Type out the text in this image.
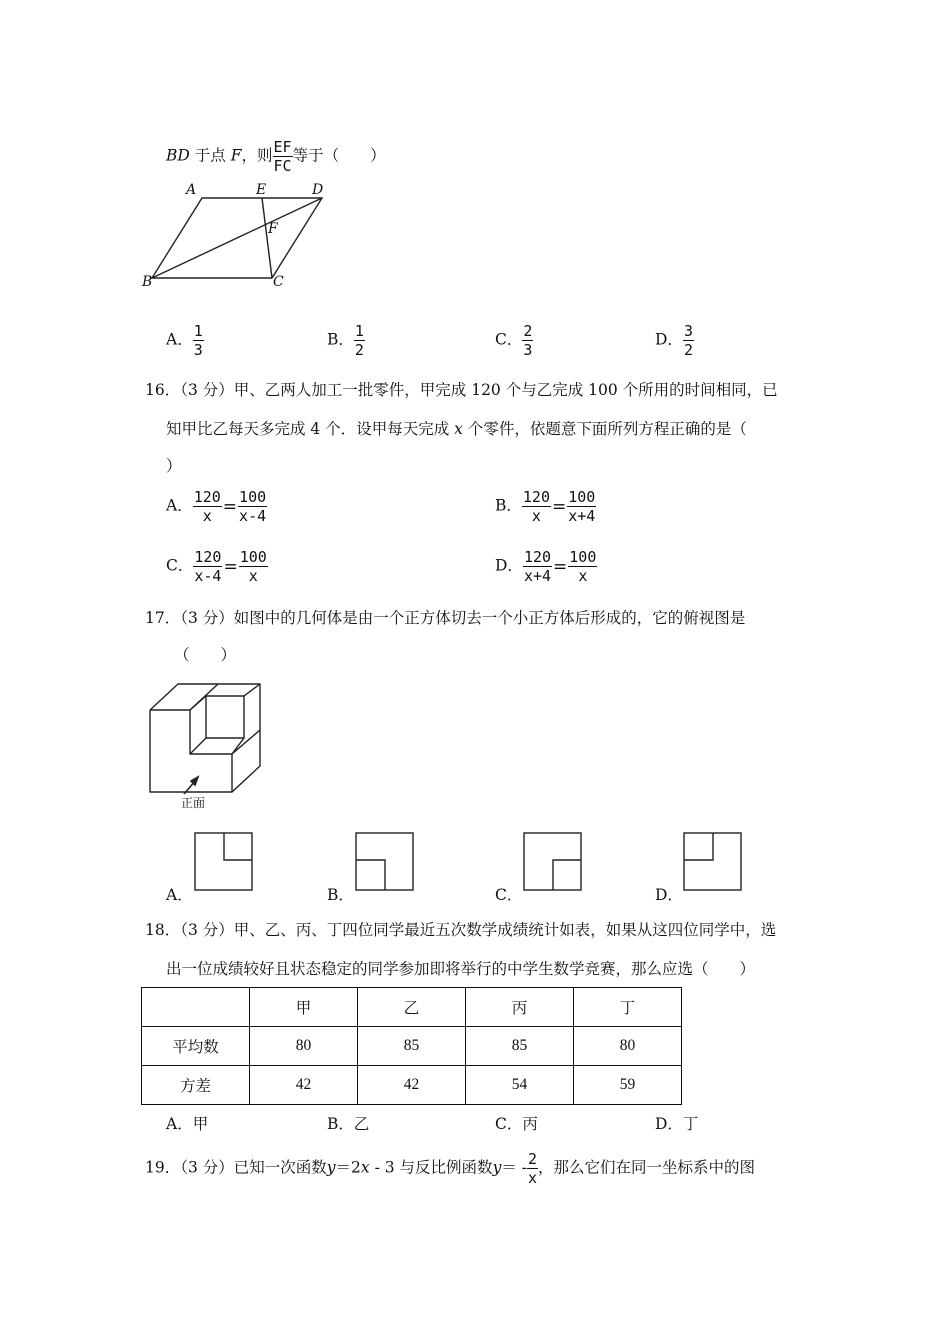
BD 于点 F，则 $\frac{EF}{FC}$ 等于（　　）
A	E	D
F
B	C
A． $\frac{1}{3}$	B． $\frac{1}{2}$	C． $\frac{2}{3}$	D． $\frac{3}{2}$
16．（3 分）甲、乙两人加工一批零件，甲完成 120 个与乙完成 100 个所用的时间相同，已
知甲比乙每天多完成 4 个．设甲每天完成 x 个零件，依题意下面所列方程正确的是（
）
A． $\frac{120}{x} = \frac{100}{x-4}$	B． $\frac{120}{x} = \frac{100}{x+4}$
C． $\frac{120}{x-4} = \frac{100}{x}$	D． $\frac{120}{x+4} = \frac{100}{x}$
17．（3 分）如图中的几何体是由一个正方体切去一个小正方体后形成的，它的俯视图是
（　　）
正面
A．	B．	C．	D．
18．（3 分）甲、乙、丙、丁四位同学最近五次数学成绩统计如表，如果从这四位同学中，选
出一位成绩较好且状态稳定的同学参加即将举行的中学生数学竞赛，那么应选（　　）
	甲	乙	丙	丁
平均数	80	85	85	80
方差	42	42	54	59
A．甲	B．乙	C．丙	D．丁
19．（3 分）已知一次函数y＝2x - 3 与反比例函数$y= - \frac{2}{x}$ ，那么它们在同一坐标系中的图
